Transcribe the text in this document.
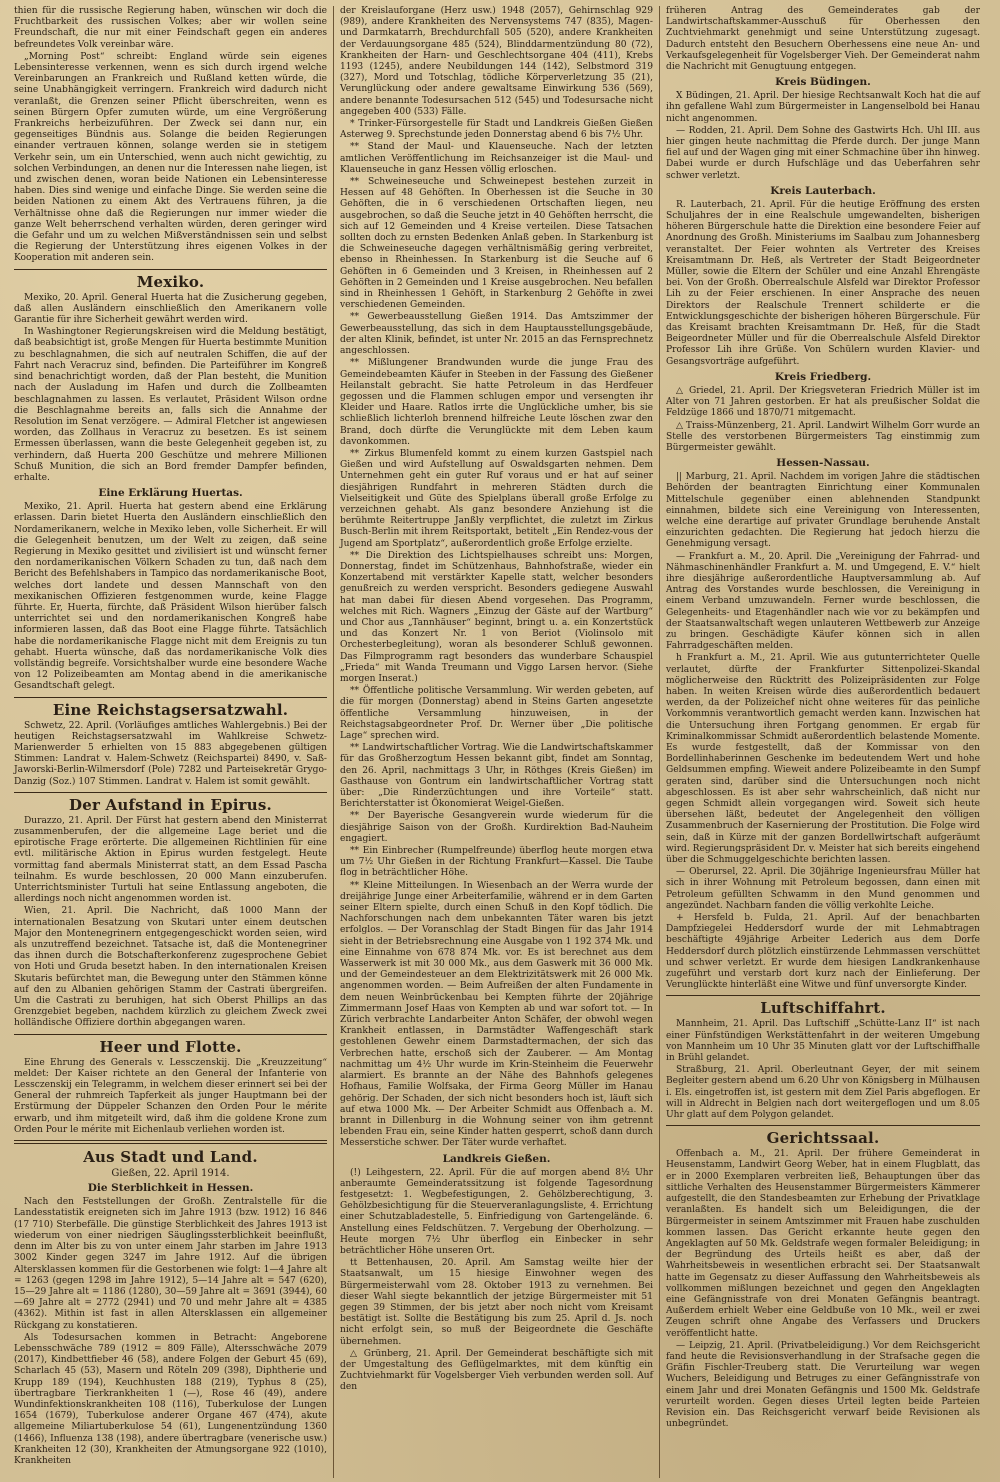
thien für die russische Regierung haben, wünschen wir doch die Fruchtbarkeit des russischen Volkes; aber wir wollen seine Freundschaft, die nur mit einer Feindschaft gegen ein anderes befreundetes Volk vereinbar wäre.

„Morning Post“ schreibt: England würde sein eigenes Lebensinteresse verkennen, wenn es sich durch irgend welche Vereinbarungen an Frankreich und Rußland ketten würde, die seine Unabhängigkeit verringern. Frankreich wird dadurch nicht veranlaßt, die Grenzen seiner Pflicht überschreiten, wenn es seinen Bürgern Opfer zumuten würde, um eine Vergrößerung Frankreichs herbeizuführen. Der Zweck sei dann nur, ein gegenseitiges Bündnis aus. Solange die beiden Regierungen einander vertrauen können, solange werden sie in stetigem Verkehr sein, um ein Unterschied, wenn auch nicht gewichtig, zu solchen Verbindungen, an denen nur die Interessen nahe liegen, ist und zwischen denen, woran beide Nationen ein Lebensinteresse haben. Dies sind wenige und einfache Dinge. Sie werden seine die beiden Nationen zu einem Akt des Vertrauens führen, ja die Verhältnisse ohne daß die Regierungen nur immer wieder die ganze Welt beherrschend verhalten würden, deren geringer wird die Gefahr und um zu welchen Mißverständnissen sein und selbst die Regierung der Unterstützung ihres eigenen Volkes in der Kooperation mit anderen sein.

Mexiko.

Mexiko, 20. April. General Huerta hat die Zusicherung gegeben, daß allen Ausländern einschließlich den Amerikanern volle Garantie für ihre Sicherheit gewährt werden wird.

In Washingtoner Regierungskreisen wird die Meldung bestätigt, daß beabsichtigt ist, große Mengen für Huerta bestimmte Munition zu beschlagnahmen, die sich auf neutralen Schiffen, die auf der Fahrt nach Veracruz sind, befinden. Die Parteiführer im Kongreß sind benachrichtigt worden, daß der Plan besteht, die Munition nach der Ausladung im Hafen und durch die Zollbeamten beschlagnahmen zu lassen. Es verlautet, Präsident Wilson ordne die Beschlagnahme bereits an, falls sich die Annahme der Resolution im Senat verzögere. — Admiral Fletcher ist angewiesen worden, das Zollhaus in Veracruz zu besetzen. Es ist seinem Ermessen überlassen, wann die beste Gelegenheit gegeben ist, zu verhindern, daß Huerta 200 Geschütze und mehrere Millionen Schuß Munition, die sich an Bord fremder Dampfer befinden, erhalte.

Eine Erklärung Huertas.

Mexiko, 21. April. Huerta hat gestern abend eine Erklärung erlassen. Darin bietet Huerta den Ausländern einschließlich den Nordamerikanern, welche in Mexiko leben, volle Sicherheit. Er will die Gelegenheit benutzen, um der Welt zu zeigen, daß seine Regierung in Mexiko gesittet und zivilisiert ist und wünscht ferner den nordamerikanischen Völkern Schaden zu tun, daß nach dem Bericht des Befehlshabers in Tampico das nordamerikanische Boot, welches dort landete und dessen Mannschaft von den mexikanischen Offizieren festgenommen wurde, keine Flagge führte. Er, Huerta, fürchte, daß Präsident Wilson hierüber falsch unterrichtet sei und den nordamerikanischen Kongreß habe informieren lassen, daß das Boot eine Flagge führte. Tatsächlich habe die nordamerikanische Flagge nicht mit dem Ereignis zu tun gehabt. Huerta wünsche, daß das nordamerikanische Volk dies vollständig begreife. Vorsichtshalber wurde eine besondere Wache von 12 Polizeibeamten am Montag abend in die amerikanische Gesandtschaft gelegt.

Eine Reichstagsersatzwahl.

Schwetz, 22. April. (Vorläufiges amtliches Wahlergebnis.) Bei der heutigen Reichstagsersatzwahl im Wahlkreise Schwetz-Marienwerder 5 erhielten von 15 883 abgegebenen gültigen Stimmen: Landrat v. Halem-Schwetz (Reichspartei) 8490, v. Saß-Jaworski-Berlin-Wilmersdorf (Pole) 7282 und Parteisekretär Grygo-Danzig (Soz.) 107 Stimmen. Landrat v. Halem ist somit gewählt.

Der Aufstand in Epirus.

Durazzo, 21. April. Der Fürst hat gestern abend den Ministerrat zusammenberufen, der die allgemeine Lage beriet und die epirotische Frage erörterte. Die allgemeinen Richtlinien für eine evtl. militärische Aktion in Epirus wurden festgelegt. Heute vormittag fand abermals Ministerrat statt, an dem Essad Pascha teilnahm. Es wurde beschlossen, 20 000 Mann einzuberufen. Unterrichtsminister Turtuli hat seine Entlassung angeboten, die allerdings noch nicht angenommen worden ist.

Wien, 21. April. Die Nachricht, daß 1000 Mann der internationalen Besatzung von Skutari unter einem deutschen Major den Montenegrinern entgegengeschickt worden seien, wird als unzutreffend bezeichnet. Tatsache ist, daß die Montenegriner das ihnen durch die Botschafterkonferenz zugesprochene Gebiet von Hoti und Gruda besetzt haben. In den internationalen Kreisen Skutaris befürchtet man, die Bewegung unter den Stämmen könne auf den zu Albanien gehörigen Stamm der Castrati übergreifen. Um die Castrati zu beruhigen, hat sich Oberst Phillips an das Grenzgebiet begeben, nachdem kürzlich zu gleichem Zweck zwei holländische Offiziere dorthin abgegangen waren.

Heer und Flotte.

Eine Ehrung des Generals v. Lessczenskij. Die „Kreuzzeitung“ meldet: Der Kaiser richtete an den General der Infanterie von Lessczenskij ein Telegramm, in welchem dieser erinnert sei bei der General der ruhmreich Tapferkeit als junger Hauptmann bei der Erstürmung der Düppeler Schanzen den Orden Pour le mérite erwarb, und ihm mitgeteilt wird, daß ihm die goldene Krone zum Orden Pour le mérite mit Eichenlaub verliehen worden ist.

Aus Stadt und Land.
Gießen, 22. April 1914.
Die Sterblichkeit in Hessen.

Nach den Feststellungen der Großh. Zentralstelle für die Landesstatistik ereigneten sich im Jahre 1913 (bzw. 1912) 16 846 (17 710) Sterbefälle. Die günstige Sterblichkeit des Jahres 1913 ist wiederum von einer niedrigen Säuglingssterblichkeit beeinflußt, denn im Alter bis zu von unter einem Jahr starben im Jahre 1913 3002 Kinder gegen 3247 im Jahre 1912. Auf die übrigen Altersklassen kommen für die Gestorbenen wie folgt: 1—4 Jahre alt = 1263 (gegen 1298 im Jahre 1912), 5—14 Jahre alt = 547 (620), 15—29 Jahre alt = 1186 (1280), 30—59 Jahre alt = 3691 (3944), 60—69 Jahre alt = 2772 (2941) und 70 und mehr Jahre alt = 4385 (4362). Mithin ist fast in allen Altersklassen ein allgemeiner Rückgang zu konstatieren.

Als Todesursachen kommen in Betracht: Angeborene Lebensschwäche 789 (1912 = 809 Fälle), Altersschwäche 2079 (2017), Kindbettfieber 46 (58), andere Folgen der Geburt 45 (69), Scharlach 45 (53), Masern und Röteln 209 (398), Diphtherie und Krupp 189 (194), Keuchhusten 188 (219), Typhus 8 (25), übertragbare Tierkrankheiten 1 (—), Rose 46 (49), andere Wundinfektionskrankheiten 108 (116), Tuberkulose der Lungen 1654 (1679), Tuberkulose anderer Organe 467 (474), akute allgemeine Miliartuberkulose 54 (61), Lungenentzündung 1360 (1466), Influenza 138 (198), andere übertragbare (venerische usw.) Krankheiten 12 (30), Krankheiten der Atmungsorgane 922 (1010), Krankheiten

der Kreislauforgane (Herz usw.) 1948 (2057), Gehirnschlag 929 (989), andere Krankheiten des Nervensystems 747 (835), Magen- und Darmkatarrh, Brechdurchfall 505 (520), andere Krankheiten der Verdauungsorgane 485 (524), Blinddarmentzündung 80 (72), Krankheiten der Harn- und Geschlechtsorgane 404 (411), Krebs 1193 (1245), andere Neubildungen 144 (142), Selbstmord 319 (327), Mord und Totschlag, tödliche Körperverletzung 35 (21), Verunglückung oder andere gewaltsame Einwirkung 536 (569), andere benannte Todesursachen 512 (545) und Todesursache nicht angegeben 400 (533) Fälle.

* Trinker-Fürsorgestelle für Stadt und Landkreis Gießen Gießen Asterweg 9. Sprechstunde jeden Donnerstag abend 6 bis 7½ Uhr.

** Stand der Maul- und Klauenseuche. Nach der letzten amtlichen Veröffentlichung im Reichsanzeiger ist die Maul- und Klauenseuche in ganz Hessen völlig erloschen.

** Schweineseuche und Schweinepest bestehen zurzeit in Hessen auf 48 Gehöften. In Oberhessen ist die Seuche in 30 Gehöften, die in 6 verschiedenen Ortschaften liegen, neu ausgebrochen, so daß die Seuche jetzt in 40 Gehöften herrscht, die sich auf 12 Gemeinden und 4 Kreise verteilen. Diese Tatsachen sollten doch zu ernsten Bedenken Anlaß geben. In Starkenburg ist die Schweineseuche dagegen verhältnismäßig gering verbreitet, ebenso in Rheinhessen. In Starkenburg ist die Seuche auf 6 Gehöften in 6 Gemeinden und 3 Kreisen, in Rheinhessen auf 2 Gehöften in 2 Gemeinden und 1 Kreise ausgebrochen. Neu befallen sind in Rheinhessen 1 Gehöft, in Starkenburg 2 Gehöfte in zwei verschiedenen Gemeinden.

** Gewerbeausstellung Gießen 1914. Das Amtszimmer der Gewerbeausstellung, das sich in dem Hauptausstellungsgebäude, der alten Klinik, befindet, ist unter Nr. 2015 an das Fernsprechnetz angeschlossen.

** Mißlungener Brandwunden wurde die junge Frau des Gemeindebeamten Käufer in Steeben in der Fassung des Gießener Heilanstalt gebracht. Sie hatte Petroleum in das Herdfeuer gegossen und die Flammen schlugen empor und versengten ihr Kleider und Haare. Ratlos irrte die Unglückliche umher, bis sie schließlich lichterloh brennend hilfreiche Leute löschen zwar den Brand, doch dürfte die Verunglückte mit dem Leben kaum davonkommen.

** Zirkus Blumenfeld kommt zu einem kurzen Gastspiel nach Gießen und wird Aufstellung auf Oswaldsgarten nehmen. Dem Unternehmen geht ein guter Ruf voraus und er hat auf seiner diesjährigen Rundfahrt in mehreren Städten durch die Vielseitigkeit und Güte des Spielplans überall große Erfolge zu verzeichnen gehabt. Als ganz besondere Anziehung ist die berühmte Reitertruppe Janßly verpflichtet, die zuletzt im Zirkus Busch-Berlin mit ihrem Reitsportakt, betitelt „Ein Rendez-vous der Jugend am Sportplatz“, außerordentlich große Erfolge erzielte.

** Die Direktion des Lichtspielhauses schreibt uns: Morgen, Donnerstag, findet im Schützenhaus, Bahnhofstraße, wieder ein Konzertabend mit verstärkter Kapelle statt, welcher besonders genußreich zu werden verspricht. Besonders gediegene Auswahl hat man dabei für diesen Abend vorgesehen. Das Programm, welches mit Rich. Wagners „Einzug der Gäste auf der Wartburg“ und Chor aus „Tannhäuser“ beginnt, bringt u. a. ein Konzertstück und das Konzert Nr. 1 von Beriot (Violinsolo mit Orchesterbegleitung), woran als besonderer Schluß gewonnen. Das Filmprogramm ragt besonders das wunderbare Schauspiel „Frieda“ mit Wanda Treumann und Viggo Larsen hervor. (Siehe morgen Inserat.)

** Öffentliche politische Versammlung. Wir werden gebeten, auf die für morgen (Donnerstag) abend in Steins Garten angesetzte öffentliche Versammlung hinzuweisen, in der Reichstagsabgeordneter Prof. Dr. Werner über „Die politische Lage“ sprechen wird.

** Landwirtschaftlicher Vortrag. Wie die Landwirtschaftskammer für das Großherzogtum Hessen bekannt gibt, findet am Sonntag, den 26. April, nachmittags 3 Uhr, in Röthges (Kreis Gießen) im Gasthause von Gontrum ein landwirtschaftlicher Vortrag statt über: „Die Rinderzüchtungen und ihre Vorteile“ statt. Berichterstatter ist Ökonomierat Weigel-Gießen.

** Der Bayerische Gesangverein wurde wiederum für die diesjährige Saison von der Großh. Kurdirektion Bad-Nauheim engagiert.

** Ein Einbrecher (Rumpelfreunde) überflog heute morgen etwa um 7½ Uhr Gießen in der Richtung Frankfurt—Kassel. Die Taube flog in beträchtlicher Höhe.

** Kleine Mitteilungen. In Wiesenbach an der Werra wurde der dreijährige Junge einer Arbeiterfamilie, während er in dem Garten seiner Eltern spielte, durch einen Schuß in den Kopf tödlich. Die Nachforschungen nach dem unbekannten Täter waren bis jetzt erfolglos. — Der Voranschlag der Stadt Bingen für das Jahr 1914 sieht in der Betriebsrechnung eine Ausgabe von 1 192 374 Mk. und eine Einnahme von 678 874 Mk. vor. Es ist berechnet aus dem Wasserwerk ist mit 30 000 Mk., aus dem Gaswerk mit 36 000 Mk. und der Gemeindesteuer an dem Elektrizitätswerk mit 26 000 Mk. angenommen worden. — Beim Aufreißen der alten Fundamente in dem neuen Weinbrückenbau bei Kempten führte der 20jährige Zimmermann Josef Haas von Kempten ab und war sofort tot. — In Zürich verbrachte Landarbeiter Anton Schäfer, der obwohl wegen Krankheit entlassen, in Darmstädter Waffengeschäft stark gestohlenen Gewehr einem Darmstadtermachen, der sich das Verbrechen hatte, erschoß sich der Zauberer. — Am Montag nachmittag um 4½ Uhr wurde im Krin-Steinheim die Feuerwehr alarmiert. Es brannte an der Nähe des Bahnhofs gelegenes Hofhaus, Familie Wolfsaka, der Firma Georg Müller im Hanau gehörig. Der Schaden, der sich nicht besonders hoch ist, läuft sich auf etwa 1000 Mk. — Der Arbeiter Schmidt aus Offenbach a. M. brannt in Dillenburg in die Wohnung seiner von ihm getrennt lebenden Frau ein, seine Kinder hatten gesperrt, schoß dann durch Messerstiche schwer. Der Täter wurde verhaftet.

Landkreis Gießen.

(!) Leihgestern, 22. April. Für die auf morgen abend 8½ Uhr anberaumte Gemeinderatssitzung ist folgende Tagesordnung festgesetzt: 1. Wegbefestigungen, 2. Gehölzberechtigung, 3. Gehölzbesichtigung für die Steuerveranlagungsliste, 4. Errichtung einer Schutzabladestelle, 5. Einfriedigung von Gartengelände. 6. Anstellung eines Feldschützen. 7. Vergebung der Oberholzung. — Heute morgen 7½ Uhr überflog ein Einbecker in sehr beträchtlicher Höhe unseren Ort.

tt Bettenhausen, 20. April. Am Samstag weilte hier der Staatsanwalt, um 15 hiesige Einwohner wegen des Bürgermeisterwahl vom 28. Oktober 1913 zu vernehmen. Bei dieser Wahl siegte bekanntlich der jetzige Bürgermeister mit 51 gegen 39 Stimmen, der bis jetzt aber noch nicht vom Kreisamt bestätigt ist. Sollte die Bestätigung bis zum 25. April d. Js. noch nicht erfolgt sein, so muß der Beigeordnete die Geschäfte übernehmen.

△ Grünberg, 21. April. Der Gemeinderat beschäftigte sich mit der Umgestaltung des Geflügelmarktes, mit dem künftig ein Zuchtviehmarkt für Vogelsberger Vieh verbunden werden soll. Auf den

früheren Antrag des Gemeinderates gab der Landwirtschaftskammer-Ausschuß für Oberhessen den Zuchtviehmarkt genehmigt und seine Unterstützung zugesagt. Dadurch entsteht den Besuchern Oberhessens eine neue An- und Verkaufsgelegenheit für Vogelsberger Vieh. Der Gemeinderat nahm die Nachricht mit Genugtuung entgegen.

Kreis Büdingen.

X Büdingen, 21. April. Der hiesige Rechtsanwalt Koch hat die auf ihn gefallene Wahl zum Bürgermeister in Langenselbold bei Hanau nicht angenommen.

— Rodden, 21. April. Dem Sohne des Gastwirts Hch. Uhl III. aus hier gingen heute nachmittag die Pferde durch. Der junge Mann fiel auf und der Wagen ging mit einer Schmachine über ihn hinweg. Dabei wurde er durch Hufschläge und das Ueberfahren sehr schwer verletzt.

Kreis Lauterbach.

R. Lauterbach, 21. April. Für die heutige Eröffnung des ersten Schuljahres der in eine Realschule umgewandelten, bisherigen höheren Bürgerschule hatte die Direktion eine besondere Feier auf Anordnung des Großh. Ministeriums im Saalbau zum Johannesberg veranstaltet. Der Feier wohnten als Vertreter des Kreises Kreisamtmann Dr. Heß, als Vertreter der Stadt Beigeordneter Müller, sowie die Eltern der Schüler und eine Anzahl Ehrengäste bei. Von der Großh. Oberrealschule Alsfeld war Direktor Professor Lih zu der Feier erschienen. In einer Ansprache des neuen Direktors der Realschule Trennert schilderte er die Entwicklungsgeschichte der bisherigen höheren Bürgerschule. Für das Kreisamt brachten Kreisamtmann Dr. Heß, für die Stadt Beigeordneter Müller und für die Oberrealschule Alsfeld Direktor Professor Lih ihre Grüße. Von Schülern wurden Klavier- und Gesangsvorträge aufgeführt.

Kreis Friedberg.

△ Griedel, 21. April. Der Kriegsveteran Friedrich Müller ist im Alter von 71 Jahren gestorben. Er hat als preußischer Soldat die Feldzüge 1866 und 1870/71 mitgemacht.

△ Traiss-Münzenberg, 21. April. Landwirt Wilhelm Gorr wurde an Stelle des verstorbenen Bürgermeisters Tag einstimmig zum Bürgermeister gewählt.

Hessen-Nassau.

|| Marburg, 21. April. Nachdem im vorigen Jahre die städtischen Behörden der beantragten Einrichtung einer Kommunalen Mittelschule gegenüber einen ablehnenden Standpunkt einnahmen, bildete sich eine Vereinigung von Interessenten, welche eine derartige auf privater Grundlage beruhende Anstalt einzurichten gedachten. Die Regierung hat jedoch hierzu die Genehmigung versagt.

— Frankfurt a. M., 20. April. Die „Vereinigung der Fahrrad- und Nähmaschinenhändler Frankfurt a. M. und Umgegend, E. V.“ hielt ihre diesjährige außerordentliche Hauptversammlung ab. Auf Antrag des Vorstandes wurde beschlossen, die Vereinigung in einem Verband umzuwandeln. Ferner wurde beschlossen, die Gelegenheits- und Etagenhändler nach wie vor zu bekämpfen und der Staatsanwaltschaft wegen unlauteren Wettbewerb zur Anzeige zu bringen. Geschädigte Käufer können sich in allen Fahrradgeschäften melden.

h Frankfurt a. M., 21. April. Wie aus gutunterrichteter Quelle verlautet, dürfte der Frankfurter Sittenpolizei-Skandal möglicherweise den Rücktritt des Polizeipräsidenten zur Folge haben. In weiten Kreisen würde dies außerordentlich bedauert werden, da der Polizeichef nicht ohne weiteres für das peinliche Vorkommnis verantwortlich gemacht werden kann. Inzwischen hat die Untersuchung ihren Fortgang genommen. Er ergab für Kriminalkommissar Schmidt außerordentlich belastende Momente. Es wurde festgestellt, daß der Kommissar von den Bordellinhaberinnen Geschenke im bedeutendem Wert und hohe Geldsummen empfing. Wieweit andere Polizeibeamte in den Sumpf geraten sind, darüber sind die Untersuchungen noch nicht abgeschlossen. Es ist aber sehr wahrscheinlich, daß nicht nur gegen Schmidt allein vorgegangen wird. Soweit sich heute übersehen läßt, bedeutet der Angelegenheit den völligen Zusammenbruch der Kasernierung der Prostitution. Die Folge wird sein, daß in Kürze mit der ganzen Bordellwirtschaft aufgeräumt wird. Regierungspräsident Dr. v. Meister hat sich bereits eingehend über die Schmuggelgeschichte berichten lassen.

— Oberursel, 22. April. Die 30jährige Ingenieursfrau Müller hat sich in ihrer Wohnung mit Petroleum begossen, dann einen mit Petroleum gefüllten Schwamm in den Mund genommen und angezündet. Nachbarn fanden die völlig verkohlte Leiche.

+ Hersfeld b. Fulda, 21. April. Auf der benachbarten Dampfziegelei Heddersdorf wurde der mit Lehmabtragen beschäftigte 49jährige Arbeiter Lederich aus dem Dorfe Heddersdorf durch plötzlich einstürzende Lehmmassen verschüttet und schwer verletzt. Er wurde dem hiesigen Landkrankenhause zugeführt und verstarb dort kurz nach der Einlieferung. Der Verunglückte hinterläßt eine Witwe und fünf unversorgte Kinder.

Luftschiffahrt.

Mannheim, 21. April. Das Luftschiff „Schütte-Lanz II“ ist nach einer Fünfstündigen Werkstättenfahrt in der weiteren Umgebung von Mannheim um 10 Uhr 35 Minuten glatt vor der Luftschiffhalle in Brühl gelandet.

Straßburg, 21. April. Oberleutnant Geyer, der mit seinem Begleiter gestern abend um 6.20 Uhr von Königsberg in Mülhausen i. Els. eingetroffen ist, ist gestern mit dem Ziel Paris abgeflogen. Er will in Aldrecht in Belgien nach dort weitergeflogen und um 8.05 Uhr glatt auf dem Polygon gelandet.

Gerichtssaal.

Offenbach a. M., 21. April. Der frühere Gemeinderat in Heusenstamm, Landwirt Georg Weber, hat in einem Flugblatt, das er in 2000 Exemplaren verbreiten ließ, Behauptungen über das sittliche Verhalten des Heusenstammer Bürgermeisters Kämmerer aufgestellt, die den Standesbeamten zur Erhebung der Privatklage veranlaßten. Es handelt sich um Beleidigungen, die der Bürgermeister in seinem Amtszimmer mit Frauen habe zuschulden kommen lassen. Das Gericht erkannte heute gegen den Angeklagten auf 50 Mk. Geldstrafe wegen formaler Beleidigung; in der Begründung des Urteils heißt es aber, daß der Wahrheitsbeweis in wesentlichen erbracht sei. Der Staatsanwalt hatte im Gegensatz zu dieser Auffassung den Wahrheitsbeweis als vollkommen mißlungen bezeichnet und gegen den Angeklagten eine Gefängnisstrafe von drei Monaten Gefängnis beantragt. Außerdem erhielt Weber eine Geldbuße von 10 Mk., weil er zwei Zeugen schrift ohne Angabe des Verfassers und Druckers veröffentlicht hatte.

— Leipzig, 21. April. (Privatbeleidigung.) Vor dem Reichsgericht fand heute die Revisionsverhandlung in der Strafsache gegen die Gräfin Fischler-Treuberg statt. Die Verurteilung war wegen Wuchers, Beleidigung und Betruges zu einer Gefängnisstrafe von einem Jahr und drei Monaten Gefängnis und 1500 Mk. Geldstrafe verurteilt worden. Gegen dieses Urteil legten beide Parteien Revision ein. Das Reichsgericht verwarf beide Revisionen als unbegründet.
